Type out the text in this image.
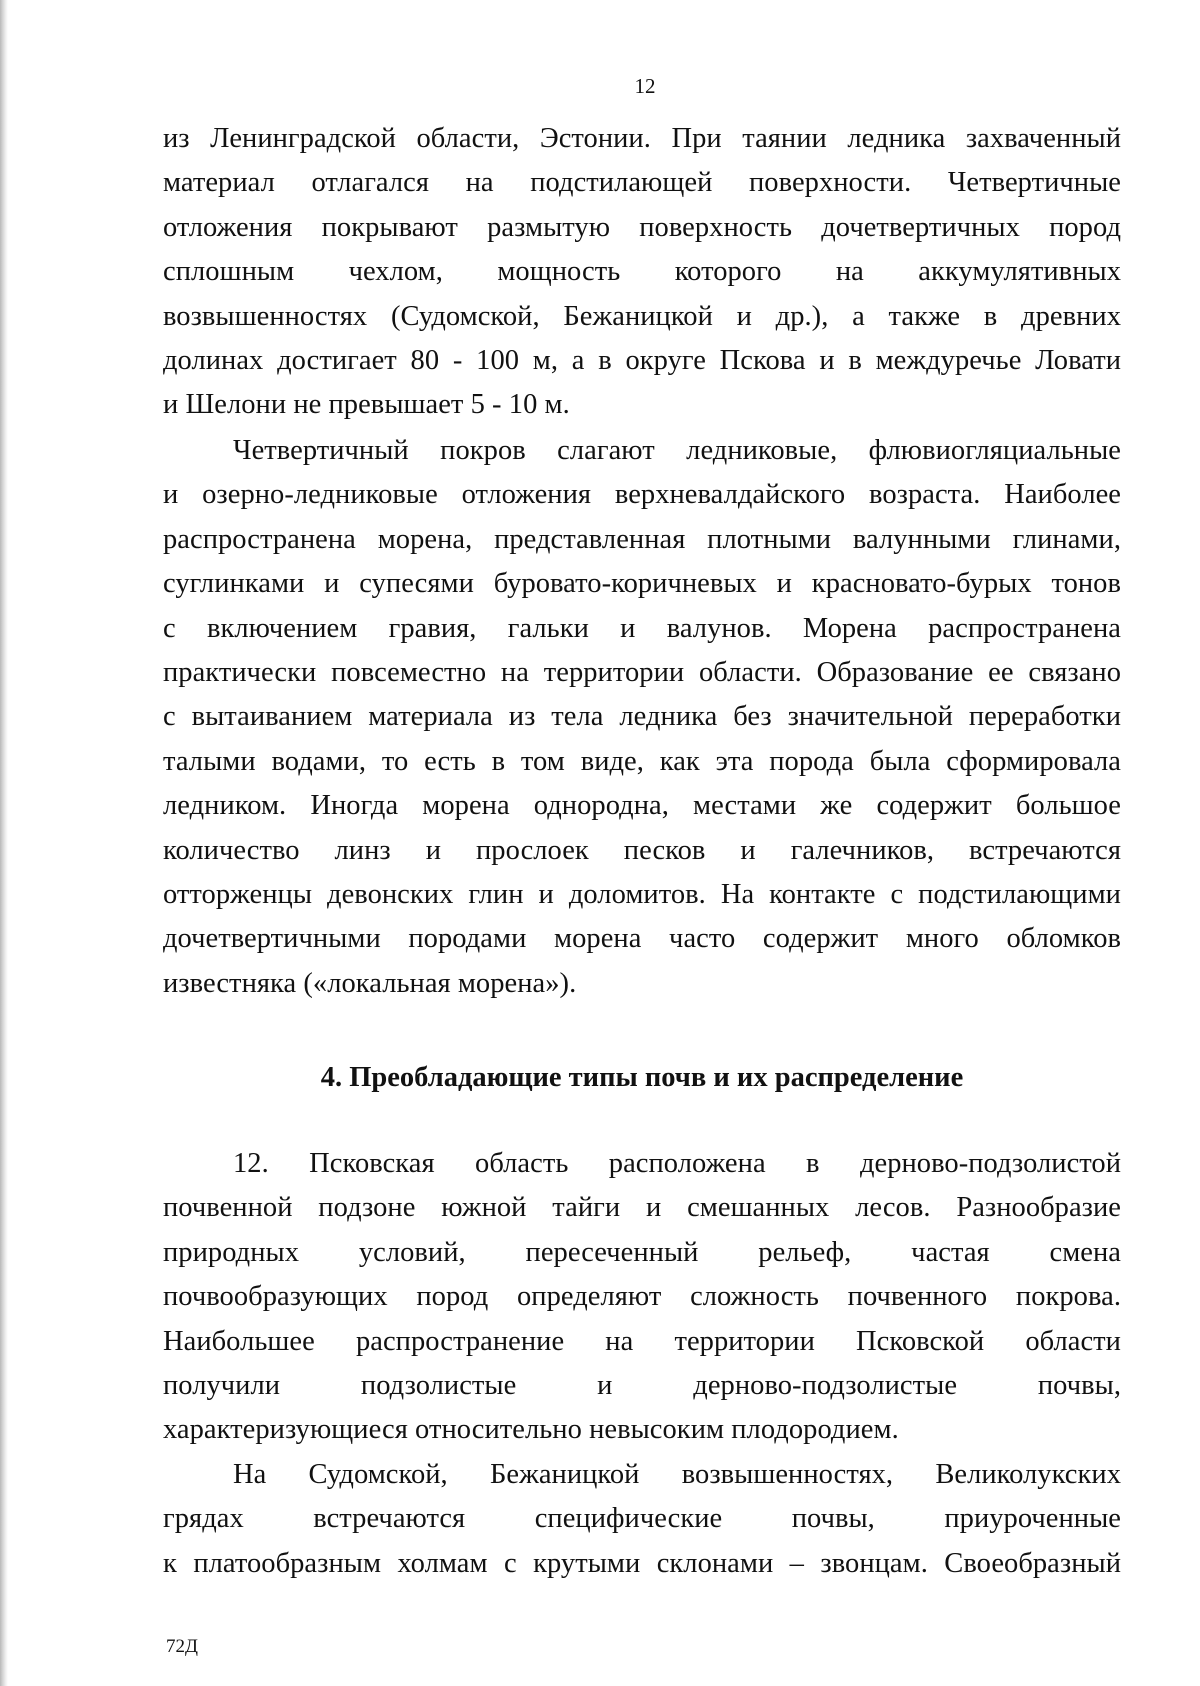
12

из Ленинградской области, Эстонии. При таянии ледника захваченный
материал отлагался на подстилающей поверхности. Четвертичные
отложения покрывают размытую поверхность дочетвертичных пород
сплошным чехлом, мощность которого на аккумулятивных
возвышенностях (Судомской, Бежаницкой и др.), а также в древних
долинах достигает 80 - 100 м, а в округе Пскова и в междуречье Ловати
и Шелони не превышает 5 - 10 м.

Четвертичный покров слагают ледниковые, флювиогляциальные
и озерно-ледниковые отложения верхневалдайского возраста. Наиболее
распространена морена, представленная плотными валунными глинами,
суглинками и супесями буровато-коричневых и красновато-бурых тонов
с включением гравия, гальки и валунов. Морена распространена
практически повсеместно на территории области. Образование ее связано
с вытаиванием материала из тела ледника без значительной переработки
талыми водами, то есть в том виде, как эта порода была сформировала
ледником. Иногда морена однородна, местами же содержит большое
количество линз и прослоек песков и галечников, встречаются
отторженцы девонских глин и доломитов. На контакте с подстилающими
дочетвертичными породами морена часто содержит много обломков
известняка («локальная морена»).

4. Преобладающие типы почв и их распределение

12. Псковская область расположена в дерново-подзолистой
почвенной подзоне южной тайги и смешанных лесов. Разнообразие
природных условий, пересеченный рельеф, частая смена
почвообразующих пород определяют сложность почвенного покрова.
Наибольшее распространение на территории Псковской области
получили подзолистые и дерново-подзолистые почвы,
характеризующиеся относительно невысоким плодородием.

На Судомской, Бежаницкой возвышенностях, Великолукских
грядах встречаются специфические почвы, приуроченные
к платообразным холмам с крутыми склонами – звонцам. Своеобразный

72Д
